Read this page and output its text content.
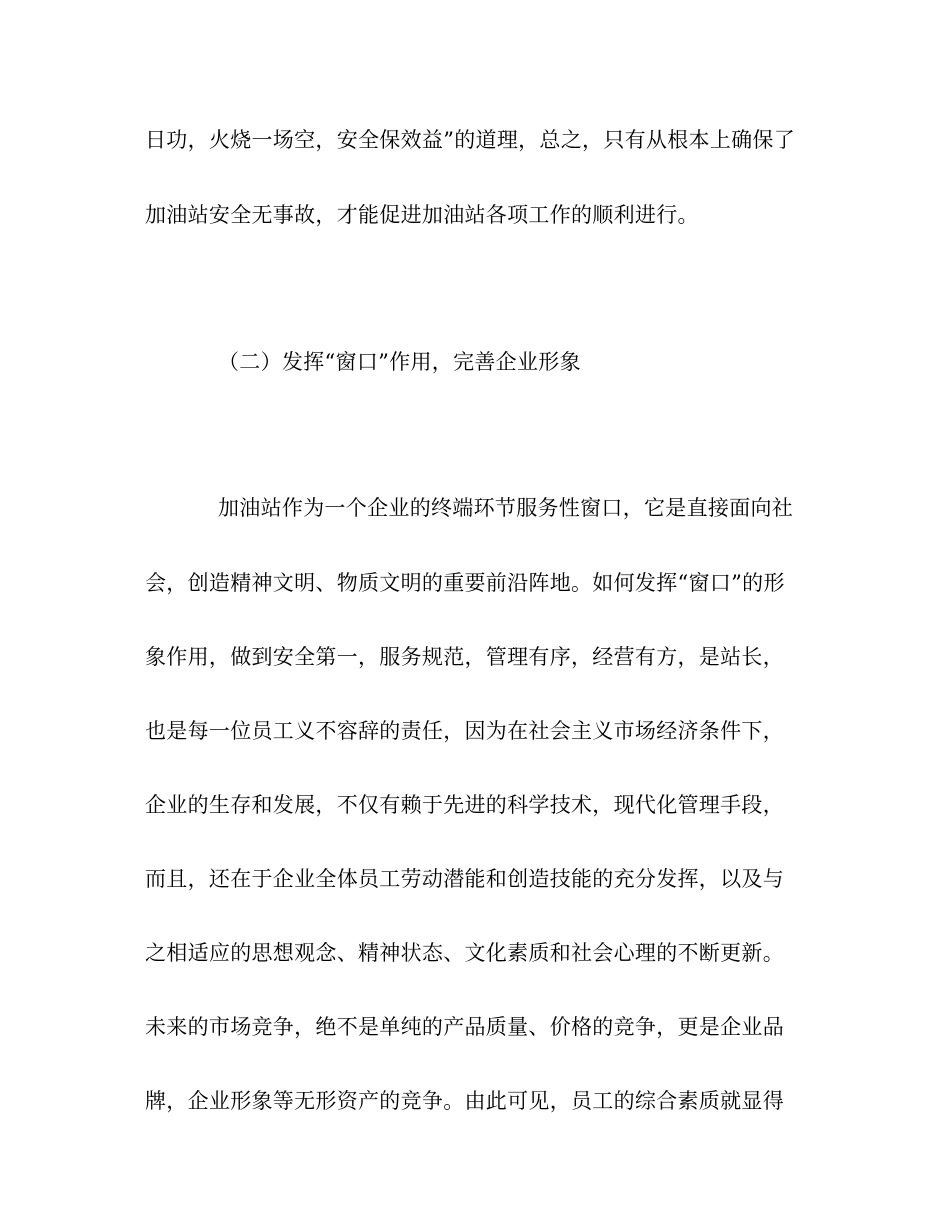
日功，火烧一场空，安全保效益”的道理，总之，只有从根本上确保了
加油站安全无事故，才能促进加油站各项工作的顺利进行。
（二）发挥“窗口”作用，完善企业形象
加油站作为一个企业的终端环节服务性窗口，它是直接面向社
会，创造精神文明、物质文明的重要前沿阵地。如何发挥“窗口”的形
象作用，做到安全第一，服务规范，管理有序，经营有方，是站长，
也是每一位员工义不容辞的责任，因为在社会主义市场经济条件下，
企业的生存和发展，不仅有赖于先进的科学技术，现代化管理手段，
而且，还在于企业全体员工劳动潜能和创造技能的充分发挥，以及与
之相适应的思想观念、精神状态、文化素质和社会心理的不断更新。
未来的市场竞争，绝不是单纯的产品质量、价格的竞争，更是企业品
牌，企业形象等无形资产的竞争。由此可见，员工的综合素质就显得
